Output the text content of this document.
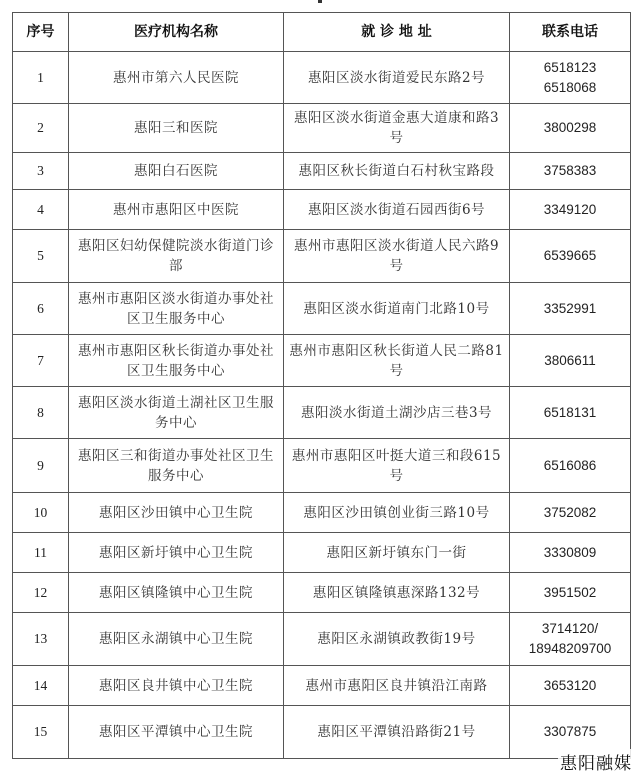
序号	医疗机构名称	就 诊 地 址	联系电话
1	惠州市第六人民医院	惠阳区淡水街道爱民东路2号	6518123
6518068
2	惠阳三和医院	惠阳区淡水街道金惠大道康和路3号	3800298
3	惠阳白石医院	惠阳区秋长街道白石村秋宝路段	3758383
4	惠州市惠阳区中医院	惠阳区淡水街道石园西街6号	3349120
5	惠阳区妇幼保健院淡水街道门诊部	惠州市惠阳区淡水街道人民六路9号	6539665
6	惠州市惠阳区淡水街道办事处社区卫生服务中心	惠阳区淡水街道南门北路10号	3352991
7	惠州市惠阳区秋长街道办事处社区卫生服务中心	惠州市惠阳区秋长街道人民二路81号	3806611
8	惠阳区淡水街道土湖社区卫生服务中心	惠阳淡水街道土湖沙店三巷3号	6518131
9	惠阳区三和街道办事处社区卫生服务中心	惠州市惠阳区叶挺大道三和段615号	6516086
10	惠阳区沙田镇中心卫生院	惠阳区沙田镇创业街三路10号	3752082
11	惠阳区新圩镇中心卫生院	惠阳区新圩镇东门一街	3330809
12	惠阳区镇隆镇中心卫生院	惠阳区镇隆镇惠深路132号	3951502
13	惠阳区永湖镇中心卫生院	惠阳区永湖镇政教街19号	3714120/
18948209700
14	惠阳区良井镇中心卫生院	惠州市惠阳区良井镇沿江南路	3653120
15	惠阳区平潭镇中心卫生院	惠阳区平潭镇沿路街21号	3307875
惠阳融媒
